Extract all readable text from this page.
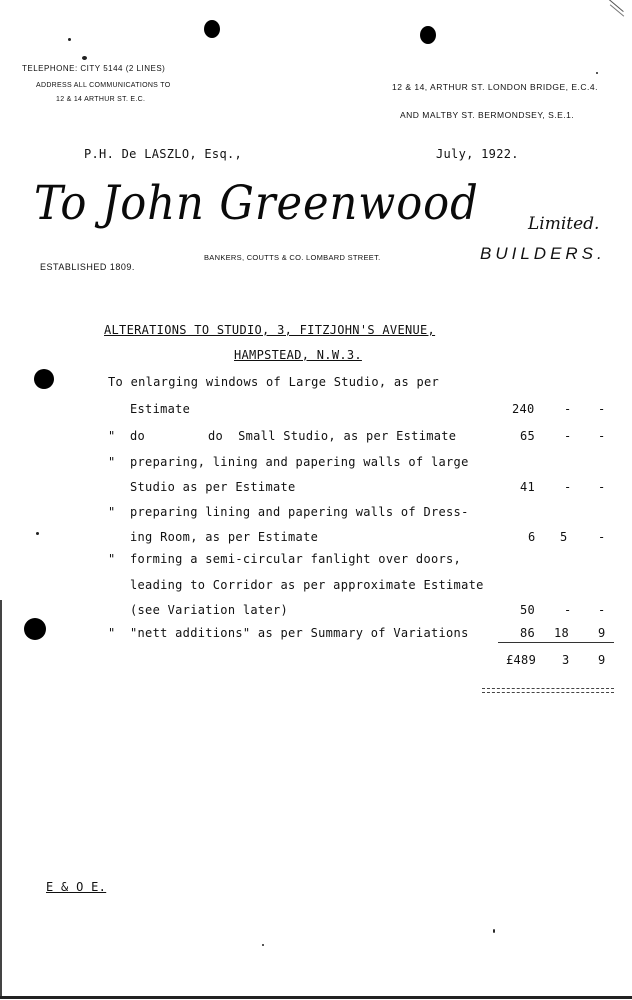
TELEPHONE: CITY 5144 (2 LINES)
ADDRESS ALL COMMUNICATIONS TO
12 & 14 ARTHUR ST. E.C.
12 & 14, ARTHUR ST. LONDON BRIDGE, E.C.4.
AND MALTBY ST. BERMONDSEY, S.E.1.
P.H. De LASZLO, Esq.,	July, 1922.
To John Greenwood	Limited.
BUILDERS.
BANKERS, COUTTS & CO. LOMBARD STREET.
ESTABLISHED 1809.
ALTERATIONS TO STUDIO, 3, FITZJOHN'S AVENUE,
HAMPSTEAD, N.W.3.
To enlarging windows of Large Studio, as per
Estimate	240 - -
" do	do  Small Studio, as per Estimate	65 - -
" preparing, lining and papering walls of large
Studio as per Estimate	41 - -
" preparing lining and papering walls of Dress-
ing Room, as per Estimate	6 5	-
" forming a semi-circular fanlight over doors,
leading to Corridor as per approximate Estimate
(see Variation later)	50 - -
" "nett additions" as per Summary of Variations	86 18 9
£489 3 9
E & O E.
